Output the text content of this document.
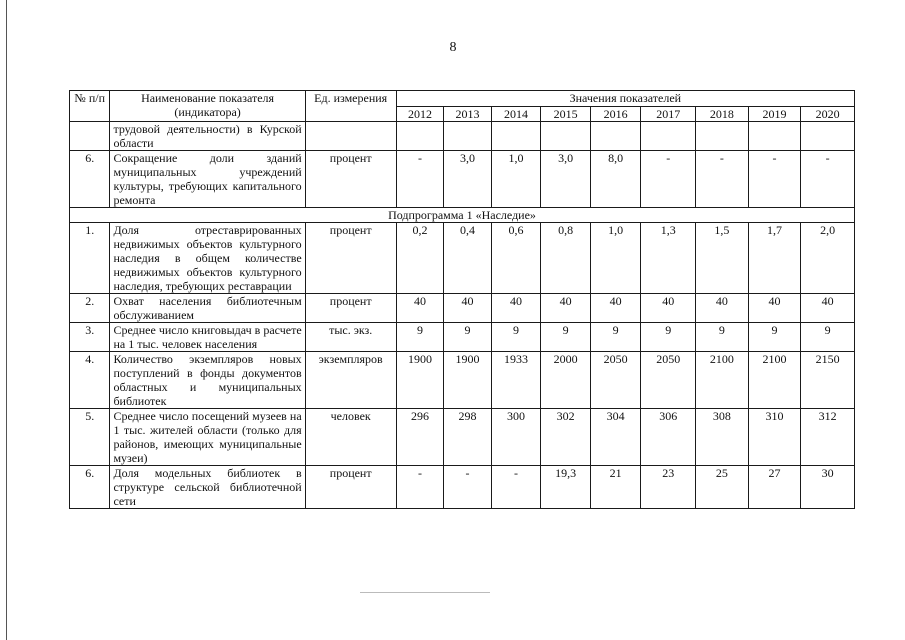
8
№ п/п	Наименование показателя (индикатора)	Ед. измерения	Значения показателей								
			2012	2013	2014	2015	2016	2017	2018	2019	2020
	трудовой деятельности) в Курской области										
6.	Сокращение доли зданий муниципальных учреждений культуры, требующих капитального ремонта	процент	-	3,0	1,0	3,0	8,0	-	-	-	-
Подпрограмма 1 «Наследие»											
1.	Доля отреставрированных недвижимых объектов культурного наследия в общем количестве недвижимых объектов культурного наследия, требующих реставрации	процент	0,2	0,4	0,6	0,8	1,0	1,3	1,5	1,7	2,0
2.	Охват населения библиотечным обслуживанием	процент	40	40	40	40	40	40	40	40	40
3.	Среднее число книговыдач в расчете на 1 тыс. человек населения	тыс. экз.	9	9	9	9	9	9	9	9	9
4.	Количество экземпляров новых поступлений в фонды документов областных и муниципальных библиотек	экземпляров	1900	1900	1933	2000	2050	2050	2100	2100	2150
5.	Среднее число посещений музеев на 1 тыс. жителей области (только для районов, имеющих муниципальные музеи)	человек	296	298	300	302	304	306	308	310	312
6.	Доля модельных библиотек в структуре сельской библиотечной сети	процент	-	-	-	19,3	21	23	25	27	30
